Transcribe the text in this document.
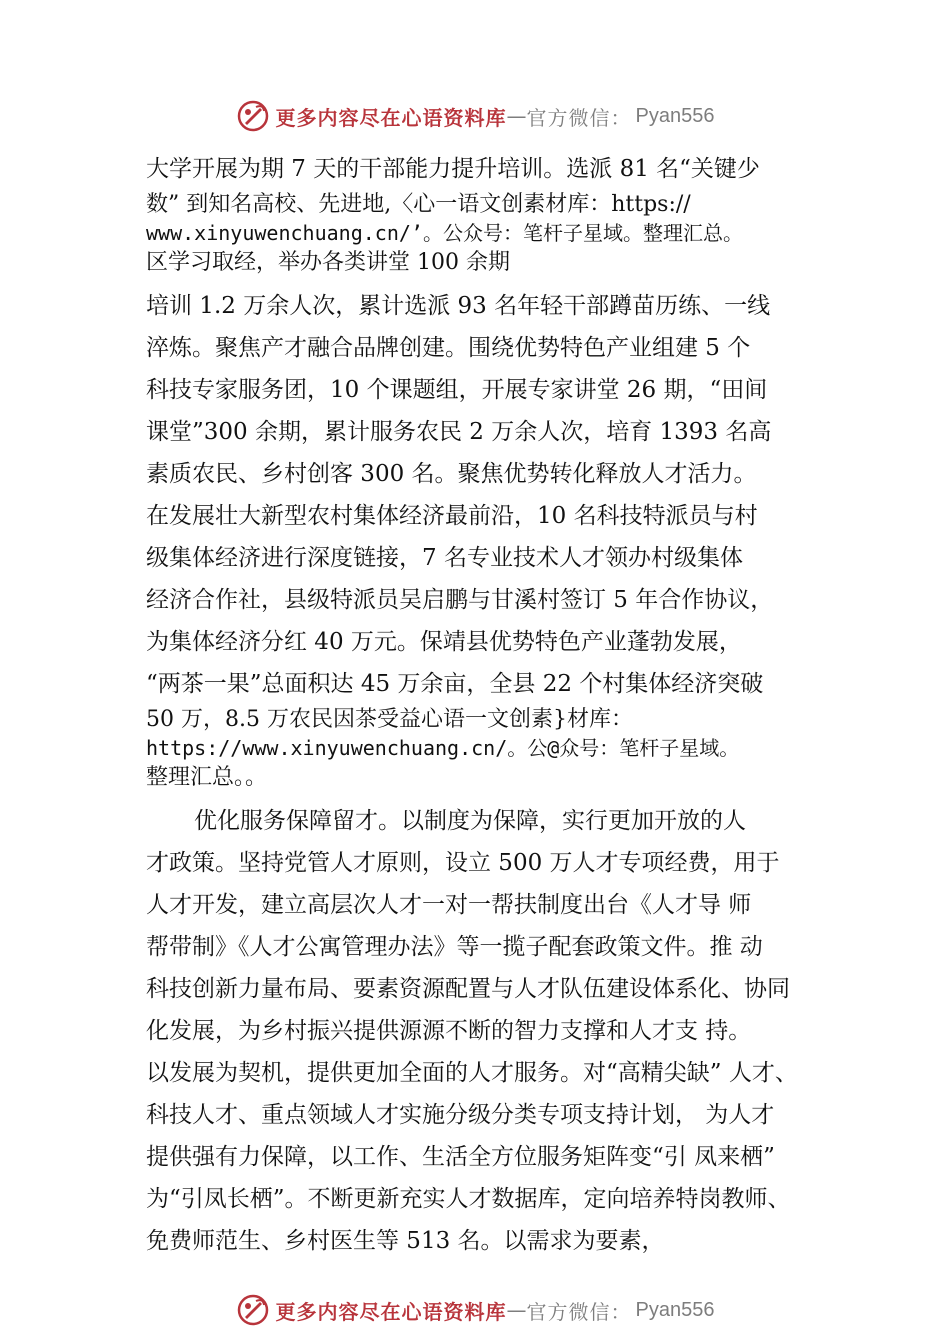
更多内容尽在心语资料库 — 官方微信： Pyan556
大学开展为期 7 天的干部能力提升培训。选派 81 名“关键少
数” 到知名高校、先进地,〈心一语文创素材库：https://
www.xinyuwenchuang.cn/’。公众号：笔杆子星域。整理汇总。
区学习取经，举办各类讲堂 100 余期
培训 1.2 万余人次，累计选派 93 名年轻干部蹲苗历练、一线
淬炼。聚焦产才融合品牌创建。围绕优势特色产业组建 5 个
科技专家服务团，10 个课题组，开展专家讲堂 26 期，“田间
课堂”300 余期，累计服务农民 2 万余人次，培育 1393 名高
素质农民、乡村创客 300 名。聚焦优势转化释放人才活力。
在发展壮大新型农村集体经济最前沿，10 名科技特派员与村
级集体经济进行深度链接，7 名专业技术人才领办村级集体
经济合作社，县级特派员吴启鹏与甘溪村签订 5 年合作协议，
为集体经济分红 40 万元。保靖县优势特色产业蓬勃发展，
“两茶一果”总面积达 45 万余亩，全县 22 个村集体经济突破
50 万，8.5 万农民因茶受益心语一文创素}材库：
https://www.xinyuwenchuang.cn/。公@众号：笔杆子星域。
整理汇总。。
优化服务保障留才。以制度为保障，实行更加开放的人
才政策。坚持党管人才原则，设立 500 万人才专项经费，用于
人才开发，建立高层次人才一对一帮扶制度出台《人才导 师
帮带制》《人才公寓管理办法》等一揽子配套政策文件。推 动
科技创新力量布局、要素资源配置与人才队伍建设体系化、协同
化发展，为乡村振兴提供源源不断的智力支撑和人才支 持。
以发展为契机，提供更加全面的人才服务。对“高精尖缺” 人才、
科技人才、重点领域人才实施分级分类专项支持计划， 为人才
提供强有力保障，以工作、生活全方位服务矩阵变“引 凤来栖”
为“引凤长栖”。不断更新充实人才数据库，定向培养特岗教师、
免费师范生、乡村医生等 513 名。以需求为要素，
更多内容尽在心语资料库 — 官方微信： Pyan556
